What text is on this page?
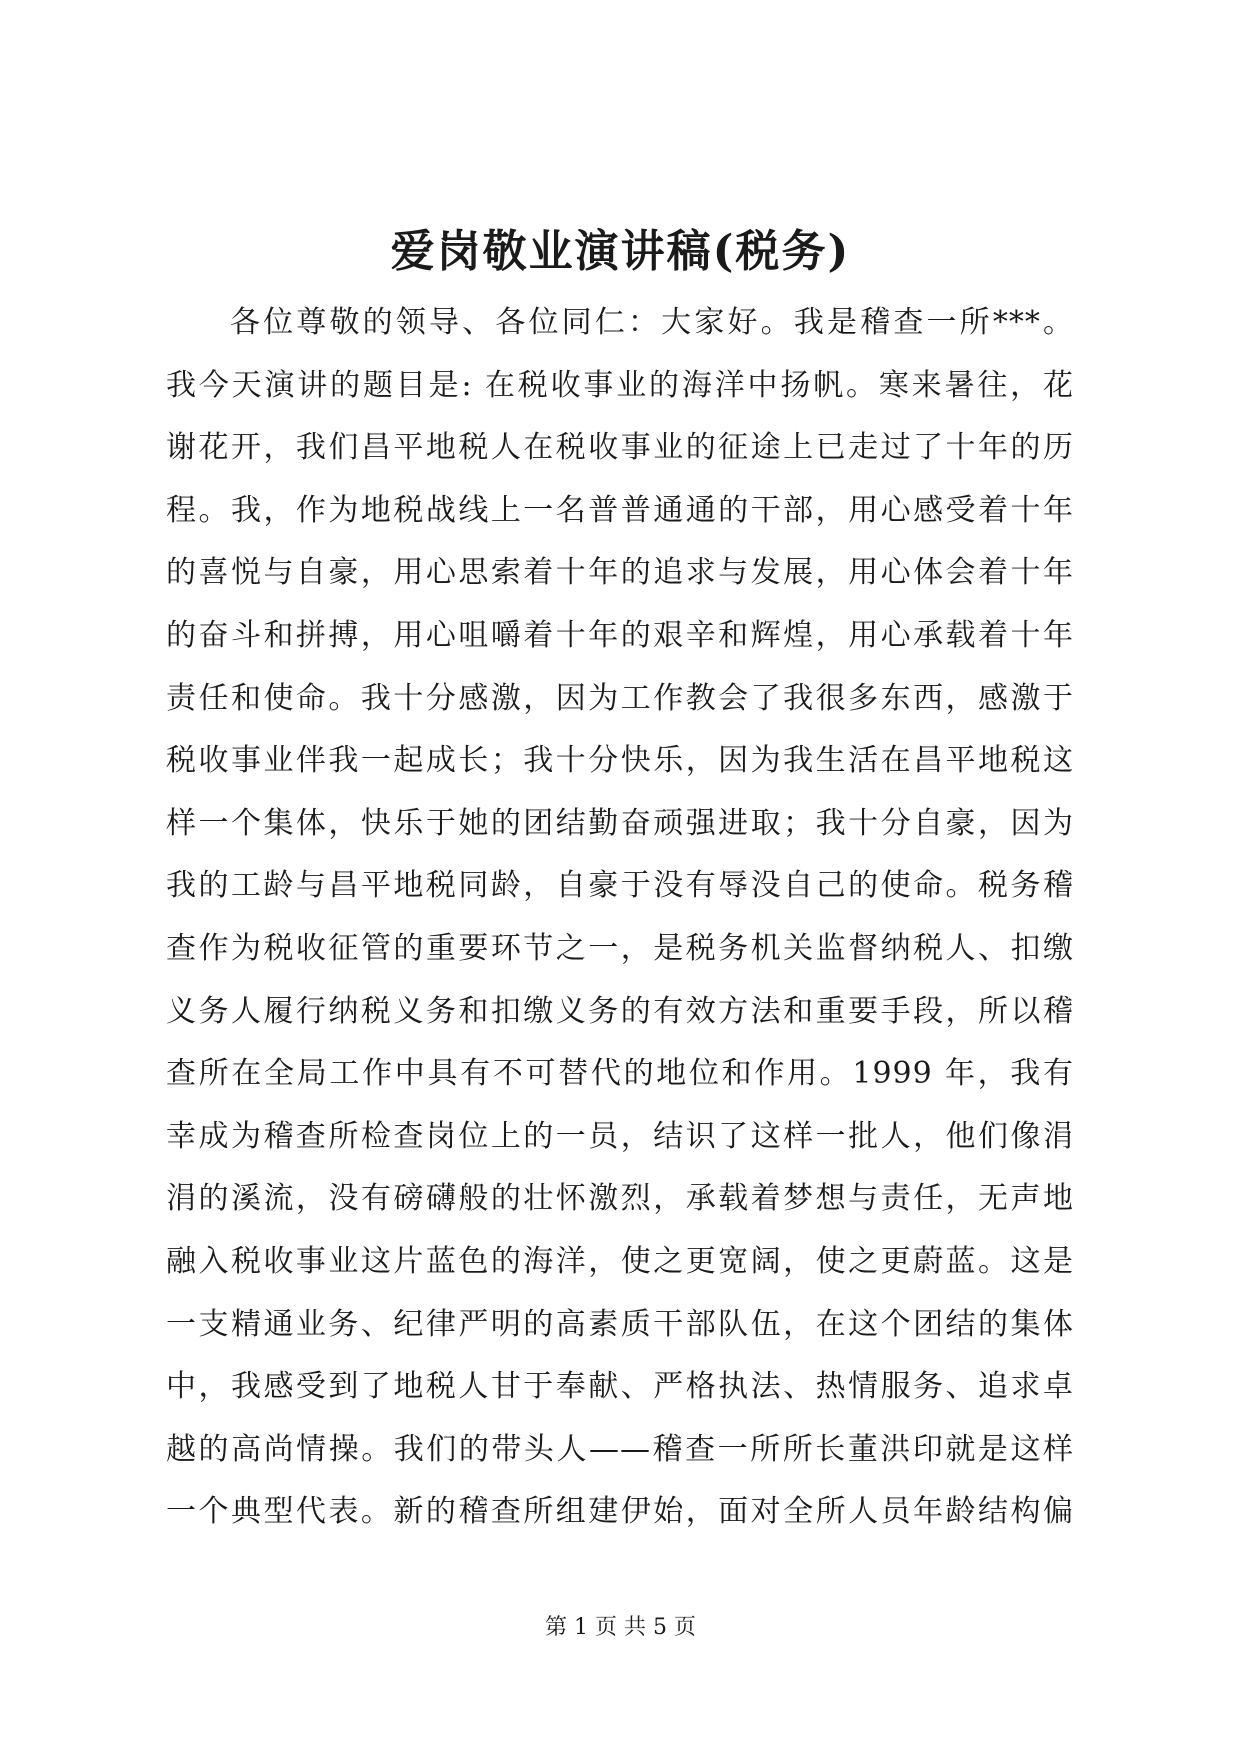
爱岗敬业演讲稿(税务)
各位尊敬的领导、各位同仁：大家好。我是稽查一所***。
我今天演讲的题目是: 在税收事业的海洋中扬帆。寒来暑往，花
谢花开，我们昌平地税人在税收事业的征途上已走过了十年的历
程。我，作为地税战线上一名普普通通的干部，用心感受着十年
的喜悦与自豪，用心思索着十年的追求与发展，用心体会着十年
的奋斗和拼搏，用心咀嚼着十年的艰辛和辉煌，用心承载着十年
责任和使命。我十分感激，因为工作教会了我很多东西，感激于
税收事业伴我一起成长；我十分快乐，因为我生活在昌平地税这
样一个集体，快乐于她的团结勤奋顽强进取；我十分自豪，因为
我的工龄与昌平地税同龄，自豪于没有辱没自己的使命。税务稽
查作为税收征管的重要环节之一，是税务机关监督纳税人、扣缴
义务人履行纳税义务和扣缴义务的有效方法和重要手段，所以稽
查所在全局工作中具有不可替代的地位和作用。1999 年，我有
幸成为稽查所检查岗位上的一员，结识了这样一批人，他们像涓
涓的溪流，没有磅礴般的壮怀激烈，承载着梦想与责任，无声地
融入税收事业这片蓝色的海洋，使之更宽阔，使之更蔚蓝。这是
一支精通业务、纪律严明的高素质干部队伍，在这个团结的集体
中，我感受到了地税人甘于奉献、严格执法、热情服务、追求卓
越的高尚情操。我们的带头人——稽查一所所长董洪印就是这样
一个典型代表。新的稽查所组建伊始，面对全所人员年龄结构偏
第 1 页 共 5 页
